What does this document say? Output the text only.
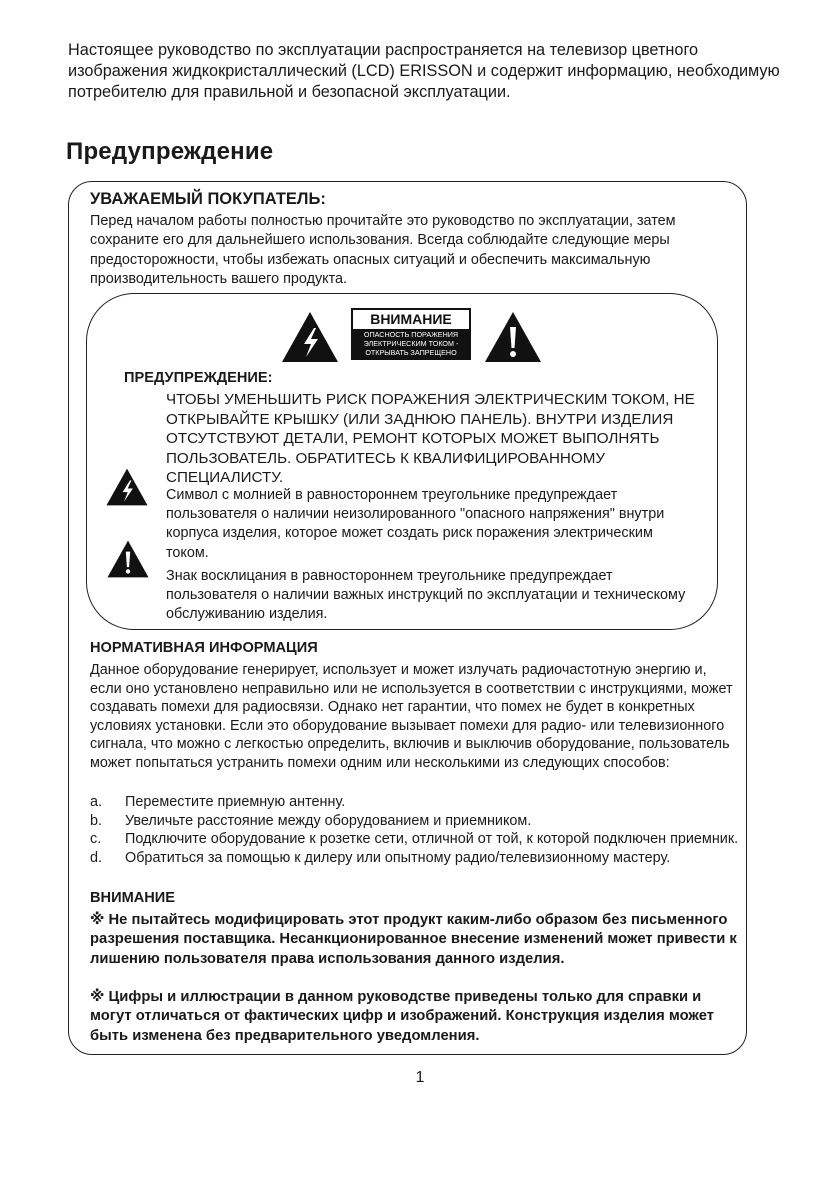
Настоящее руководство по эксплуатации распространяется на телевизор цветного изображения жидкокристаллический (LCD) ERISSON и содержит информацию, необходимую потребителю для правильной и безопасной эксплуатации.

Предупреждение
УВАЖАЕМЫЙ ПОКУПАТЕЛЬ:

Перед началом работы полностью прочитайте это руководство по эксплуатации, затем сохраните его для дальнейшего использования. Всегда соблюдайте следующие меры предосторожности, чтобы избежать опасных ситуаций и обеспечить максимальную производительность вашего продукта.

ВНИМАНИЕ
ОПАСНОСТЬ ПОРАЖЕНИЯ
ЭЛЕКТРИЧЕСКИМ ТОКОМ -
ОТКРЫВАТЬ ЗАПРЕЩЕНО
ПРЕДУПРЕЖДЕНИЕ:

ЧТОБЫ УМЕНЬШИТЬ РИСК ПОРАЖЕНИЯ ЭЛЕКТРИЧЕСКИМ ТОКОМ, НЕ ОТКРЫВАЙТЕ КРЫШКУ (ИЛИ ЗАДНЮЮ ПАНЕЛЬ). ВНУТРИ ИЗДЕЛИЯ ОТСУТСТВУЮТ ДЕТАЛИ, РЕМОНТ КОТОРЫХ МОЖЕТ ВЫПОЛНЯТЬ ПОЛЬЗОВАТЕЛЬ. ОБРАТИТЕСЬ К КВАЛИФИЦИРОВАННОМУ СПЕЦИАЛИСТУ.

Символ с молнией в равностороннем треугольнике предупреждает пользователя о наличии неизолированного "опасного напряжения" внутри корпуса изделия, которое может создать риск поражения электрическим током.

Знак восклицания в равностороннем треугольнике предупреждает пользователя о наличии важных инструкций по эксплуатации и техническому обслуживанию изделия.

НОРМАТИВНАЯ ИНФОРМАЦИЯ

Данное оборудование генерирует, использует и может излучать радиочастотную энергию и, если оно установлено неправильно или не используется в соответствии с инструкциями, может создавать помехи для радиосвязи. Однако нет гарантии, что помех не будет в конкретных условиях установки. Если это оборудование вызывает помехи для радио- или телевизионного сигнала, что можно с легкостью определить, включив и выключив оборудование, пользователь может попытаться устранить помехи одним или несколькими из следующих способов:

a.	Переместите приемную антенну.
b.	Увеличьте расстояние между оборудованием и приемником.
c.	Подключите оборудование к розетке сети, отличной от той, к которой подключен приемник.
d.	Обратиться за помощью к дилеру или опытному радио/телевизионному мастеру.
ВНИМАНИЕ

※ Не пытайтесь модифицировать этот продукт каким-либо образом без письменного разрешения поставщика. Несанкционированное внесение изменений может привести к лишению пользователя права использования данного изделия.

※ Цифры и иллюстрации в данном руководстве приведены только для справки и могут отличаться от фактических цифр и изображений. Конструкция изделия может быть изменена без предварительного уведомления.

1
